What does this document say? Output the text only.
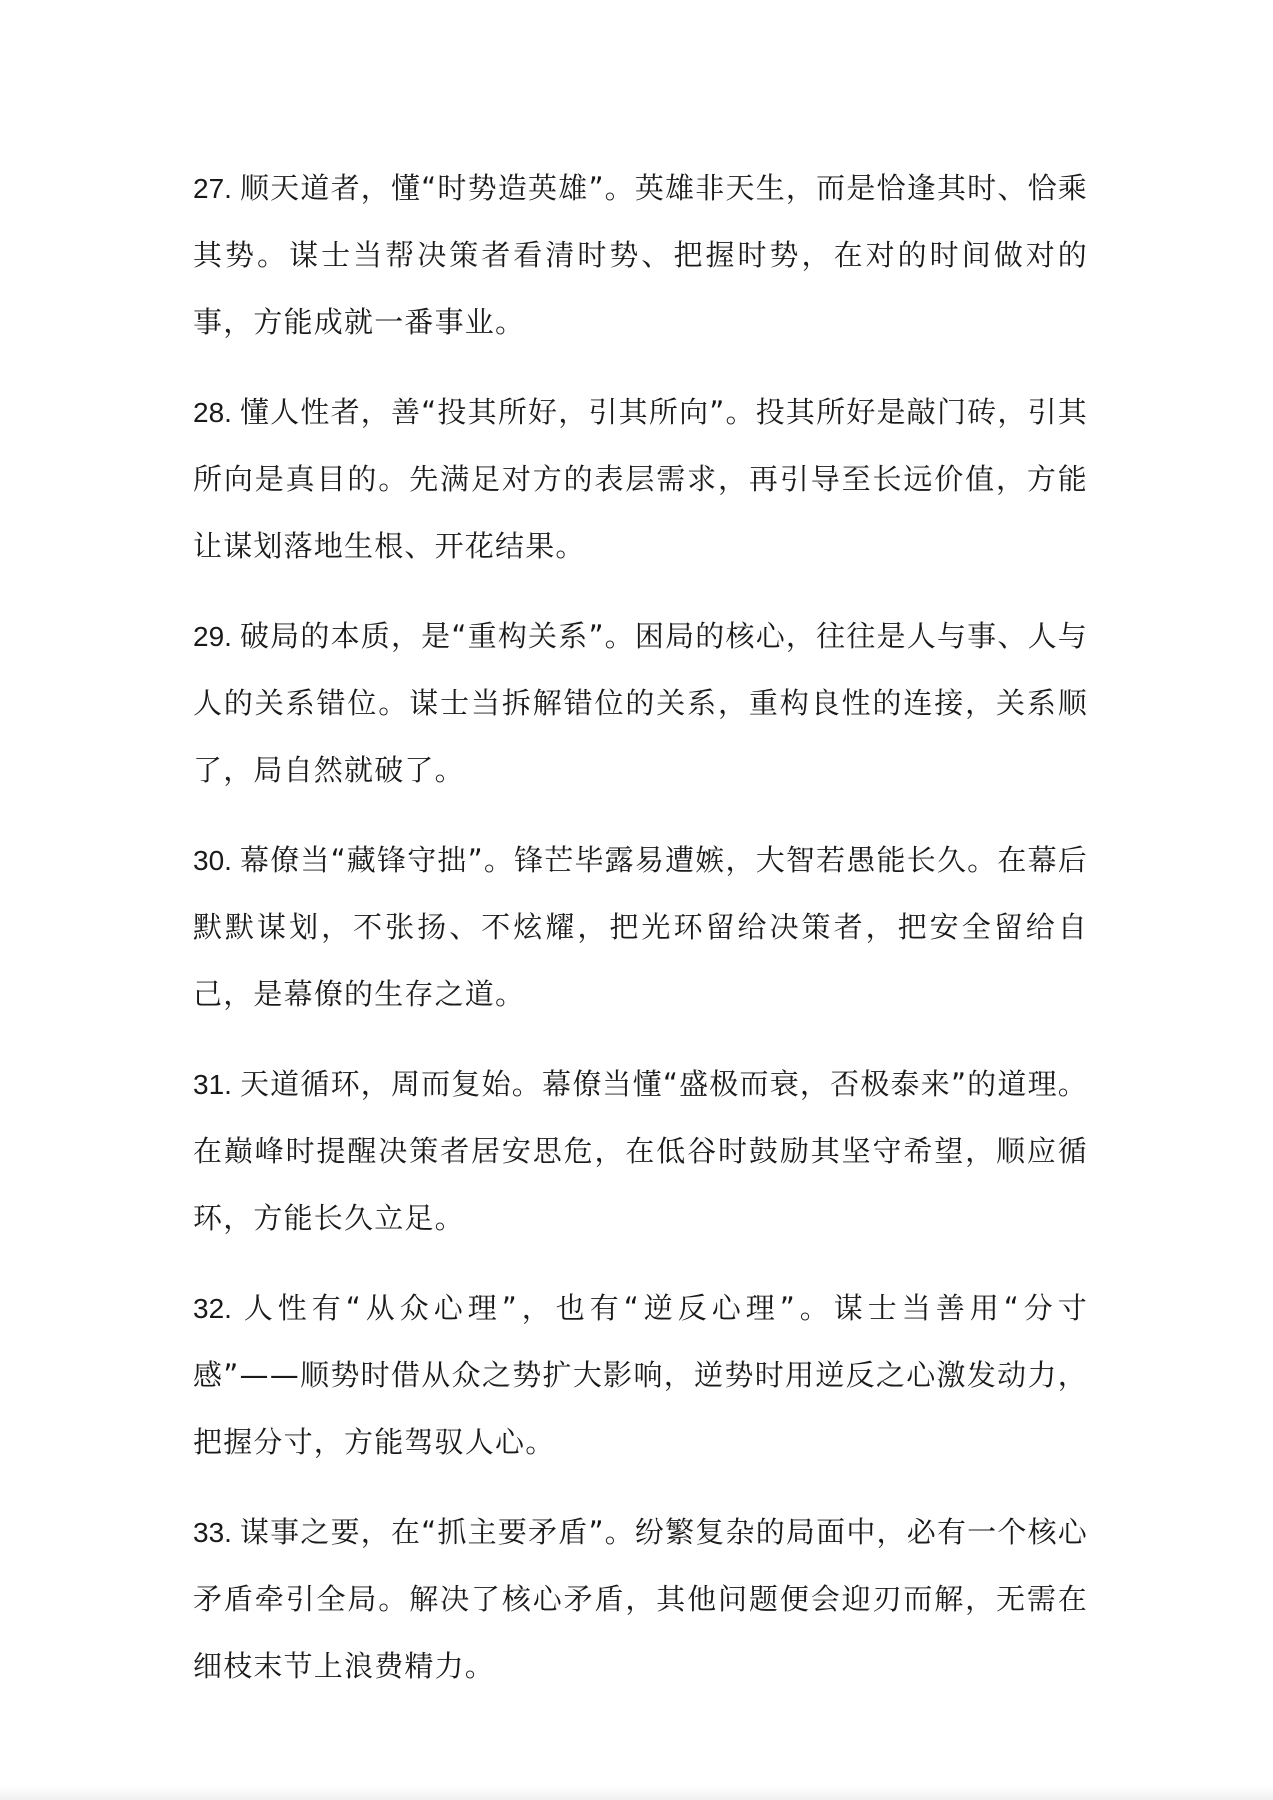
27. 顺天道者，懂“时势造英雄”。英雄非天生，而是恰逢其时、恰乘其势。谋士当帮决策者看清时势、把握时势，在对的时间做对的事，方能成就一番事业。

28. 懂人性者，善“投其所好，引其所向”。投其所好是敲门砖，引其所向是真目的。先满足对方的表层需求，再引导至长远价值，方能让谋划落地生根、开花结果。

29. 破局的本质，是“重构关系”。困局的核心，往往是人与事、人与人的关系错位。谋士当拆解错位的关系，重构良性的连接，关系顺了，局自然就破了。

30. 幕僚当“藏锋守拙”。锋芒毕露易遭嫉，大智若愚能长久。在幕后默默谋划，不张扬、不炫耀，把光环留给决策者，把安全留给自己，是幕僚的生存之道。

31. 天道循环，周而复始。幕僚当懂“盛极而衰，否极泰来”的道理。在巅峰时提醒决策者居安思危，在低谷时鼓励其坚守希望，顺应循环，方能长久立足。

32. 人性有“从众心理”，也有“逆反心理”。谋士当善用“分寸感”——顺势时借从众之势扩大影响，逆势时用逆反之心激发动力，把握分寸，方能驾驭人心。

33. 谋事之要，在“抓主要矛盾”。纷繁复杂的局面中，必有一个核心矛盾牵引全局。解决了核心矛盾，其他问题便会迎刃而解，无需在细枝末节上浪费精力。
